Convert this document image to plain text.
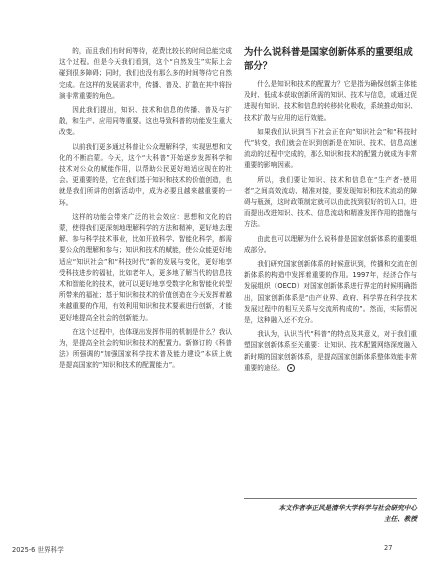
的，而且我们有时间等待，花费比较长的时间总能完成这个过程。但是今天我们看到，这个“自然发生”实际上会碰到很多障碍；同时，我们也没有那么多的时间等待它自然完成。在这样的发展需求中，传播、普及、扩散在其中将扮演非常重要的角色。

因此我们提出，知识、技术和信息的传播、普及与扩散，和生产、应用同等重要。这也导致科普的功能发生重大改变。

以前我们更多通过科普让公众理解科学，实现思想和文化的不断启蒙。今天，这个“大科普”开始逐步发挥科学和技术对公众的赋能作用，以帮助公民更好地适应现在的社会。更重要的是，它在我们基于知识和技术的价值创造，也就是我们所讲的创新活动中，成为必要且越来越重要的一环。

这样的功能会带来广泛的社会效应：思想和文化的启蒙，使得我们更深刻地理解科学的方法和精神，更好地去理解、参与科学技术事业，比如开放科学、智能化科学，都需要公众的理解和参与；知识和技术的赋能，使公众能更好地适应“知识社会”和“科技时代”新的发展与变化，更好地享受科技进步的福祉，比如老年人，更多地了解当代的信息技术和智能化的技术，就可以更好地享受数字化和智能化转型所带来的福祉；基于知识和技术的价值创造在今天发挥着越来越重要的作用，有效利用知识和技术要素进行创新，才能更好地提高全社会的创新能力。

在这个过程中，也体现出发挥作用的机制是什么？我认为，是提高全社会的知识和技术的配置力。新修订的《科普法》所强调的“加强国家科学技术普及能力建设”本质上就是提高国家的“知识和技术的配置能力”。

为什么说科普是国家创新体系的重要组成部分？

什么是知识和技术的配置力？它是指为确保创新主体能及时、低成本获取创新所需的知识、技术与信息，或通过促进现有知识、技术和信息的转移转化吸收，系统推动知识、技术扩散与应用的运行效能。

如果我们认识到当下社会正在向“知识社会”和“科技时代”转变，我们就会在识到创新是在知识、技术、信息高速流动的过程中完成的，那么知识和技术的配置力就成为非常重要的影响因素。

所以，我们要让知识、技术和信息在“生产者-使用者”之间高效流动、精准对接，要发现知识和技术流动的障碍与瓶颈，这时政策制定就可以由此找到很好的切入口，进而提出改进知识、技术、信息流动和精准发挥作用的措施与方法。

由此也可以理解为什么说科普是国家创新体系的重要组成部分。

我们研究国家创新体系的时候意识到，传播和交流在创新体系的构造中发挥着重要的作用。1997年，经济合作与发展组织（OECD）对国家创新体系进行界定的时候明确指出，国家创新体系是“由产业界、政府、科学界在科学技术发展过程中的相互关系与交流所构成的”。然而，实际情况是，这种融入还不充分。

我认为，认识当代“科普”的特点及其意义，对于我们重塑国家创新体系至关重要：让知识、技术配置网络深度融入新时期的国家创新体系，是提高国家创新体系整体效能非常重要的途径。

本文作者李正风是清华大学科学与社会研究中心
主任、教授
2025-6 世界科学	27
